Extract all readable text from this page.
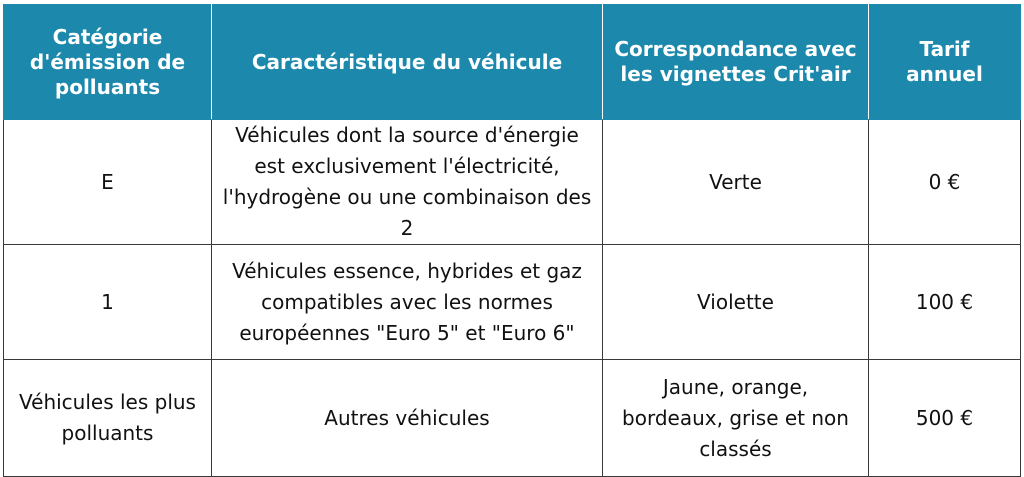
Catégorie d'émission de polluants	Caractéristique du véhicule	Correspondance avec les vignettes Crit'air	Tarif annuel
E	Véhicules dont la source d'énergie est exclusivement l'électricité, l'hydrogène ou une combinaison des 2	Verte	0 €
1	Véhicules essence, hybrides et gaz compatibles avec les normes européennes "Euro 5" et "Euro 6"	Violette	100 €
Véhicules les plus polluants	Autres véhicules	Jaune, orange, bordeaux, grise et non classés	500 €
